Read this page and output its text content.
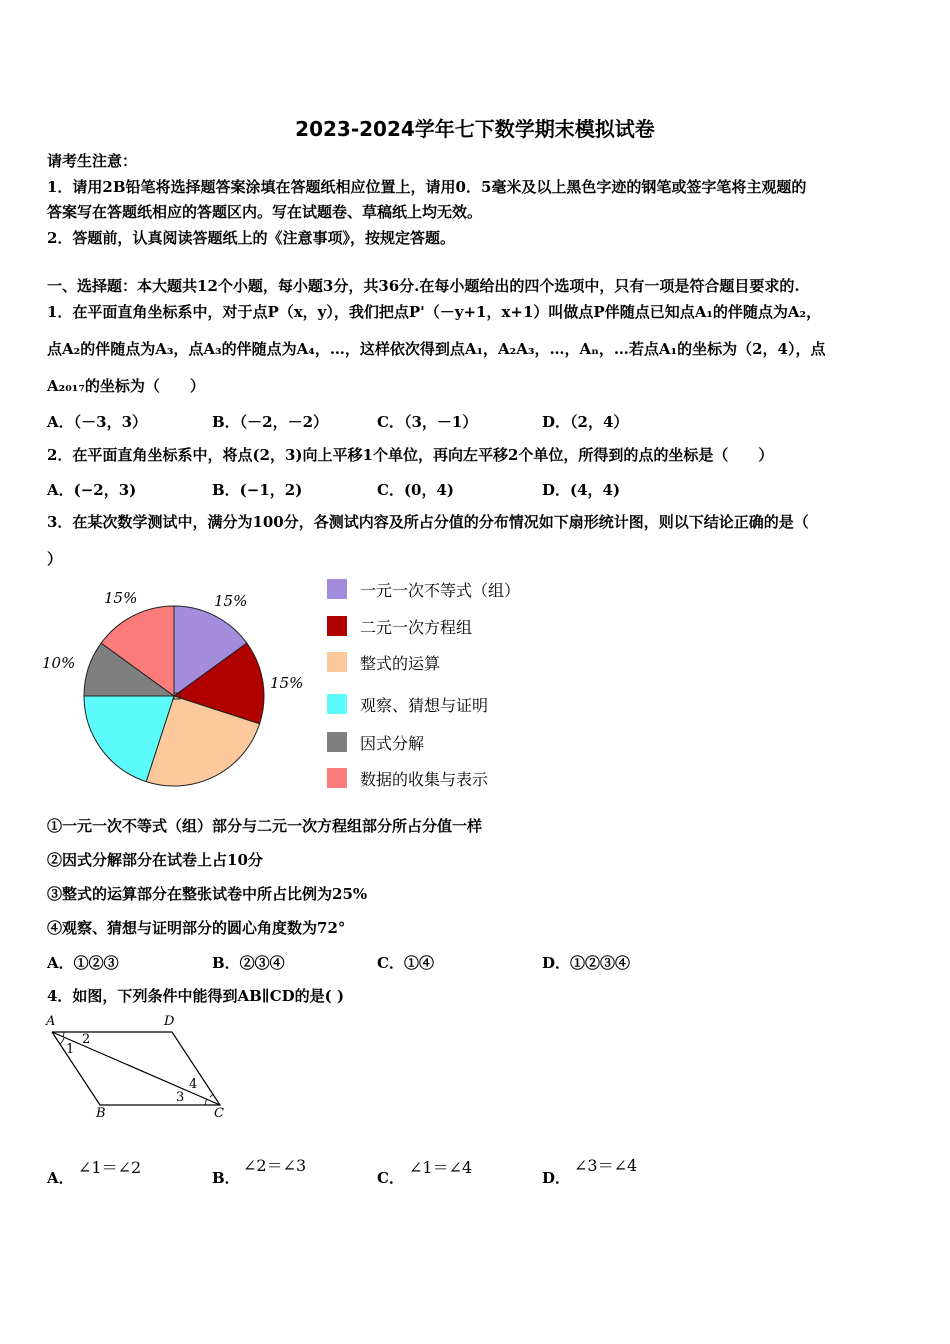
2023-2024学年七下数学期末模拟试卷
请考生注意：
1．请用2B铅笔将选择题答案涂填在答题纸相应位置上，请用0．5毫米及以上黑色字迹的钢笔或签字笔将主观题的
答案写在答题纸相应的答题区内。写在试题卷、草稿纸上均无效。
2．答题前，认真阅读答题纸上的《注意事项》，按规定答题。
一、选择题：本大题共12个小题，每小题3分，共36分.在每小题给出的四个选项中，只有一项是符合题目要求的.
1．在平面直角坐标系中，对于点P（x，y），我们把点P'（－y+1，x+1）叫做点P伴随点已知点A₁的伴随点为A₂，
点A₂的伴随点为A₃，点A₃的伴随点为A₄，…，这样依次得到点A₁，A₂A₃，…，Aₙ，…若点A₁的坐标为（2，4），点
A₂₀₁₇的坐标为（　　）
A．（－3，3）	B．（－2，－2）	C．（3，－1）	D．（2，4）
2．在平面直角坐标系中，将点(2，3)向上平移1个单位，再向左平移2个单位，所得到的点的坐标是（　　）
A．(−2，3)	B．(−1，2)	C．(0，4)	D．(4，4)
3．在某次数学测试中，满分为100分，各测试内容及所占分值的分布情况如下扇形统计图，则以下结论正确的是（
）
15%
15%
10%
15%	一元一次不等式（组）
二元一次方程组
整式的运算
观察、猜想与证明
因式分解
数据的收集与表示
①一元一次不等式（组）部分与二元一次方程组部分所占分值一样
②因式分解部分在试卷上占10分
③整式的运算部分在整张试卷中所占比例为25%
④观察、猜想与证明部分的圆心角度数为72°
A．①②③	B．②③④	C．①④	D．①②③④
4．如图，下列条件中能得到AB∥CD的是( )
A	D
B	C
1
2
3
4
A．
∠1＝∠2
B．
∠2＝∠3
C．
∠1＝∠4
D．
∠3＝∠4
